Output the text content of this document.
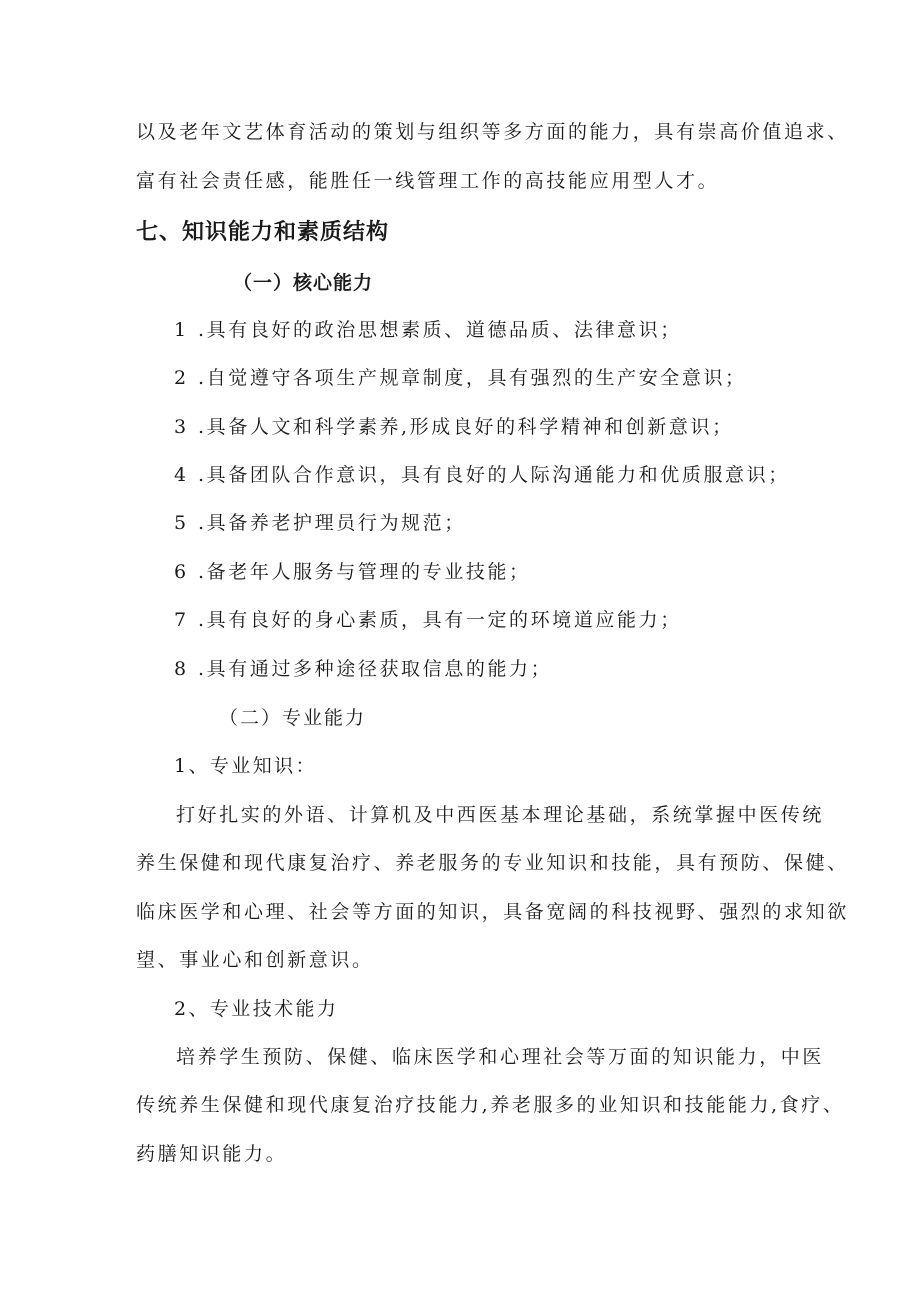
以及老年文艺体育活动的策划与组织等多方面的能力，具有崇高价值追求、
富有社会责任感，能胜任一线管理工作的高技能应用型人才。
七、知识能力和素质结构
（一）核心能力
1 .具有良好的政治思想素质、道德品质、法律意识；
2 .自觉遵守各项生产规章制度，具有强烈的生产安全意识；
3 .具备人文和科学素养,形成良好的科学精神和创新意识；
4 .具备团队合作意识，具有良好的人际沟通能力和优质服意识；
5 .具备养老护理员行为规范；
6 .备老年人服务与管理的专业技能；
7 .具有良好的身心素质，具有一定的环境道应能力；
8 .具有通过多种途径获取信息的能力；
（二）专业能力
1、专业知识：
打好扎实的外语、计算机及中西医基本理论基础，系统掌握中医传统
养生保健和现代康复治疗、养老服务的专业知识和技能，具有预防、保健、
临床医学和心理、社会等方面的知识，具备宽阔的科技视野、强烈的求知欲
望、事业心和创新意识。
2、专业技术能力
培养学生预防、保健、临床医学和心理社会等万面的知识能力，中医
传统养生保健和现代康复治疗技能力,养老服多的业知识和技能能力,食疗、
药膳知识能力。
